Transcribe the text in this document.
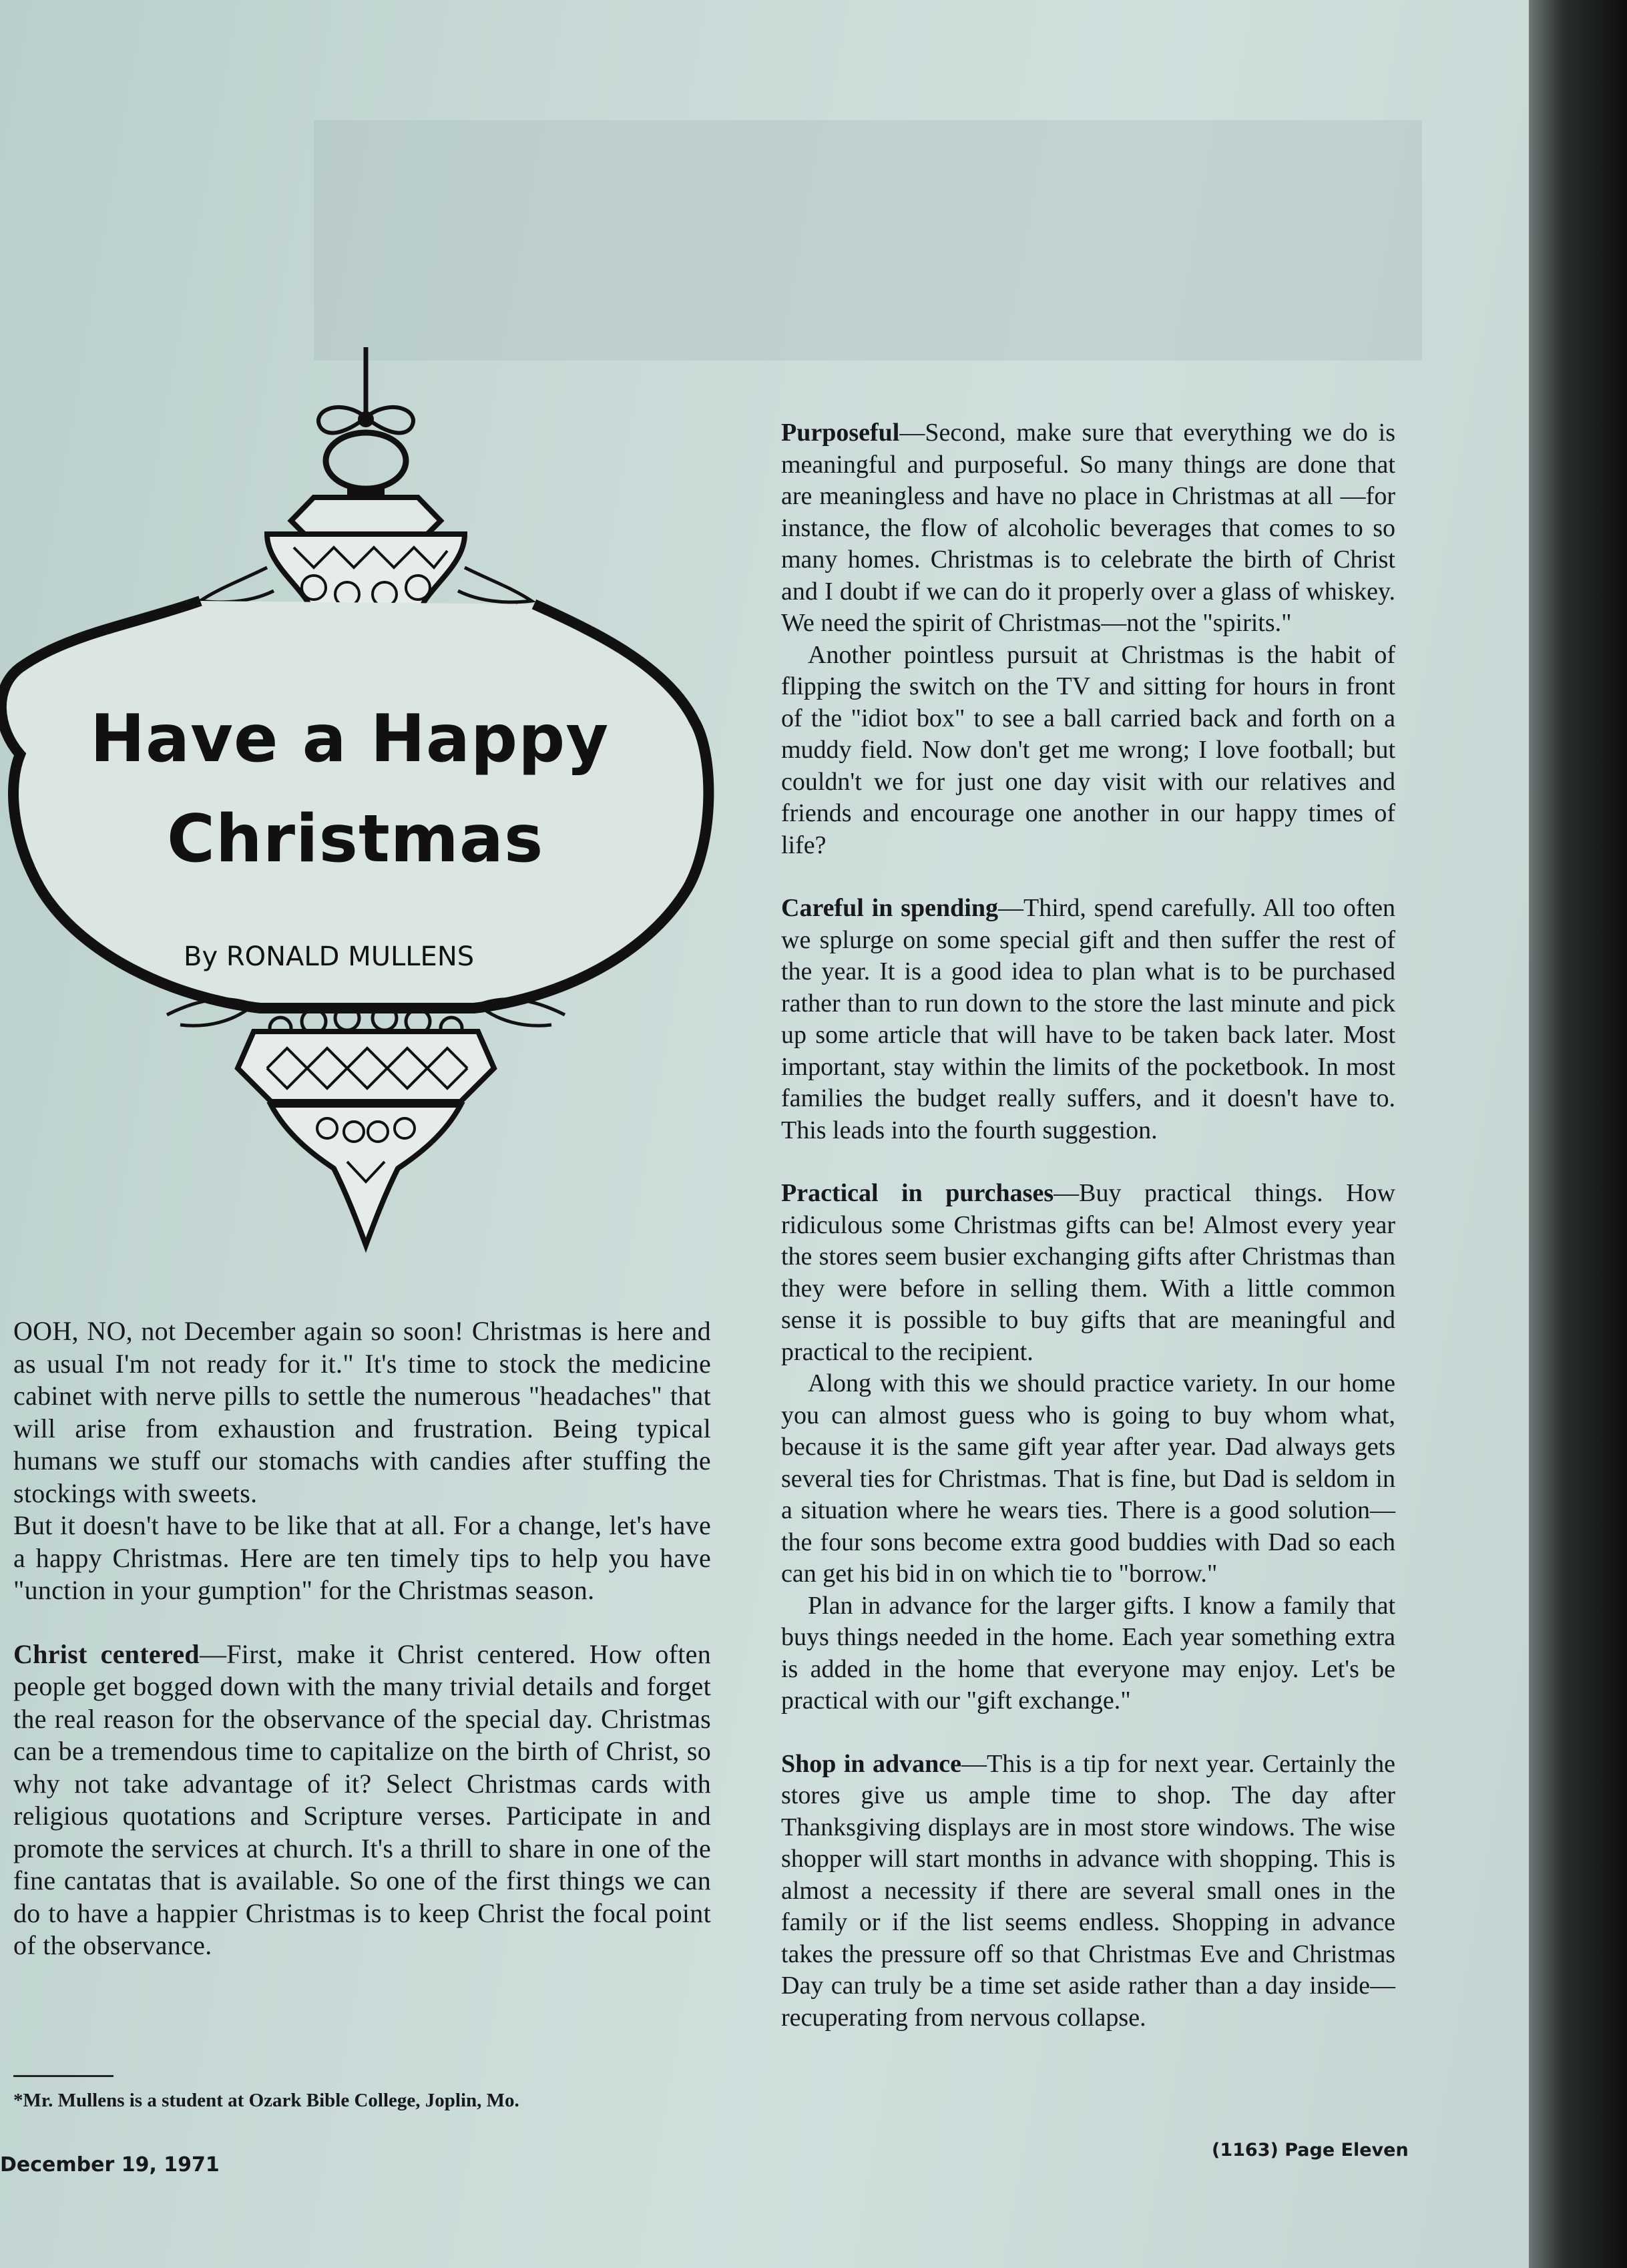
Have a Happy
Christmas
By RONALD MULLENS

OOH, NO, not December again so soon! Christmas is here and as usual I'm not ready for it." It's time to stock the medicine cabinet with nerve pills to settle the numerous "headaches" that will arise from exhaustion and frustration. Being typical humans we stuff our stomachs with candies after stuffing the stockings with sweets.

But it doesn't have to be like that at all. For a change, let's have a happy Christmas. Here are ten timely tips to help you have "unction in your gumption" for the Christmas season.

Christ centered—First, make it Christ centered. How often people get bogged down with the many trivial details and forget the real reason for the observance of the special day. Christmas can be a tremendous time to capitalize on the birth of Christ, so why not take advantage of it? Select Christmas cards with religious quotations and Scripture verses. Participate in and promote the services at church. It's a thrill to share in one of the fine cantatas that is available. So one of the first things we can do to have a happier Christmas is to keep Christ the focal point of the observance.

*Mr. Mullens is a student at Ozark Bible College, Joplin, Mo.

Purposeful—Second, make sure that everything we do is meaningful and purposeful. So many things are done that are meaningless and have no place in Christmas at all —for instance, the flow of alcoholic beverages that comes to so many homes. Christmas is to celebrate the birth of Christ and I doubt if we can do it properly over a glass of whiskey. We need the spirit of Christmas—not the "spirits."

Another pointless pursuit at Christmas is the habit of flipping the switch on the TV and sitting for hours in front of the "idiot box" to see a ball carried back and forth on a muddy field. Now don't get me wrong; I love football; but couldn't we for just one day visit with our relatives and friends and encourage one another in our happy times of life?

Careful in spending—Third, spend carefully. All too often we splurge on some special gift and then suffer the rest of the year. It is a good idea to plan what is to be purchased rather than to run down to the store the last minute and pick up some article that will have to be taken back later. Most important, stay within the limits of the pocketbook. In most families the budget really suffers, and it doesn't have to. This leads into the fourth suggestion.

Practical in purchases—Buy practical things. How ridiculous some Christmas gifts can be! Almost every year the stores seem busier exchanging gifts after Christmas than they were before in selling them. With a little common sense it is possible to buy gifts that are meaningful and practical to the recipient.

Along with this we should practice variety. In our home you can almost guess who is going to buy whom what, because it is the same gift year after year. Dad always gets several ties for Christmas. That is fine, but Dad is seldom in a situation where he wears ties. There is a good solution—the four sons become extra good buddies with Dad so each can get his bid in on which tie to "borrow."

Plan in advance for the larger gifts. I know a family that buys things needed in the home. Each year something extra is added in the home that everyone may enjoy. Let's be practical with our "gift exchange."

Shop in advance—This is a tip for next year. Certainly the stores give us ample time to shop. The day after Thanksgiving displays are in most store windows. The wise shopper will start months in advance with shopping. This is almost a necessity if there are several small ones in the family or if the list seems endless. Shopping in advance takes the pressure off so that Christmas Eve and Christmas Day can truly be a time set aside rather than a day inside—recuperating from nervous collapse.

December 19, 1971
(1163) Page Eleven
